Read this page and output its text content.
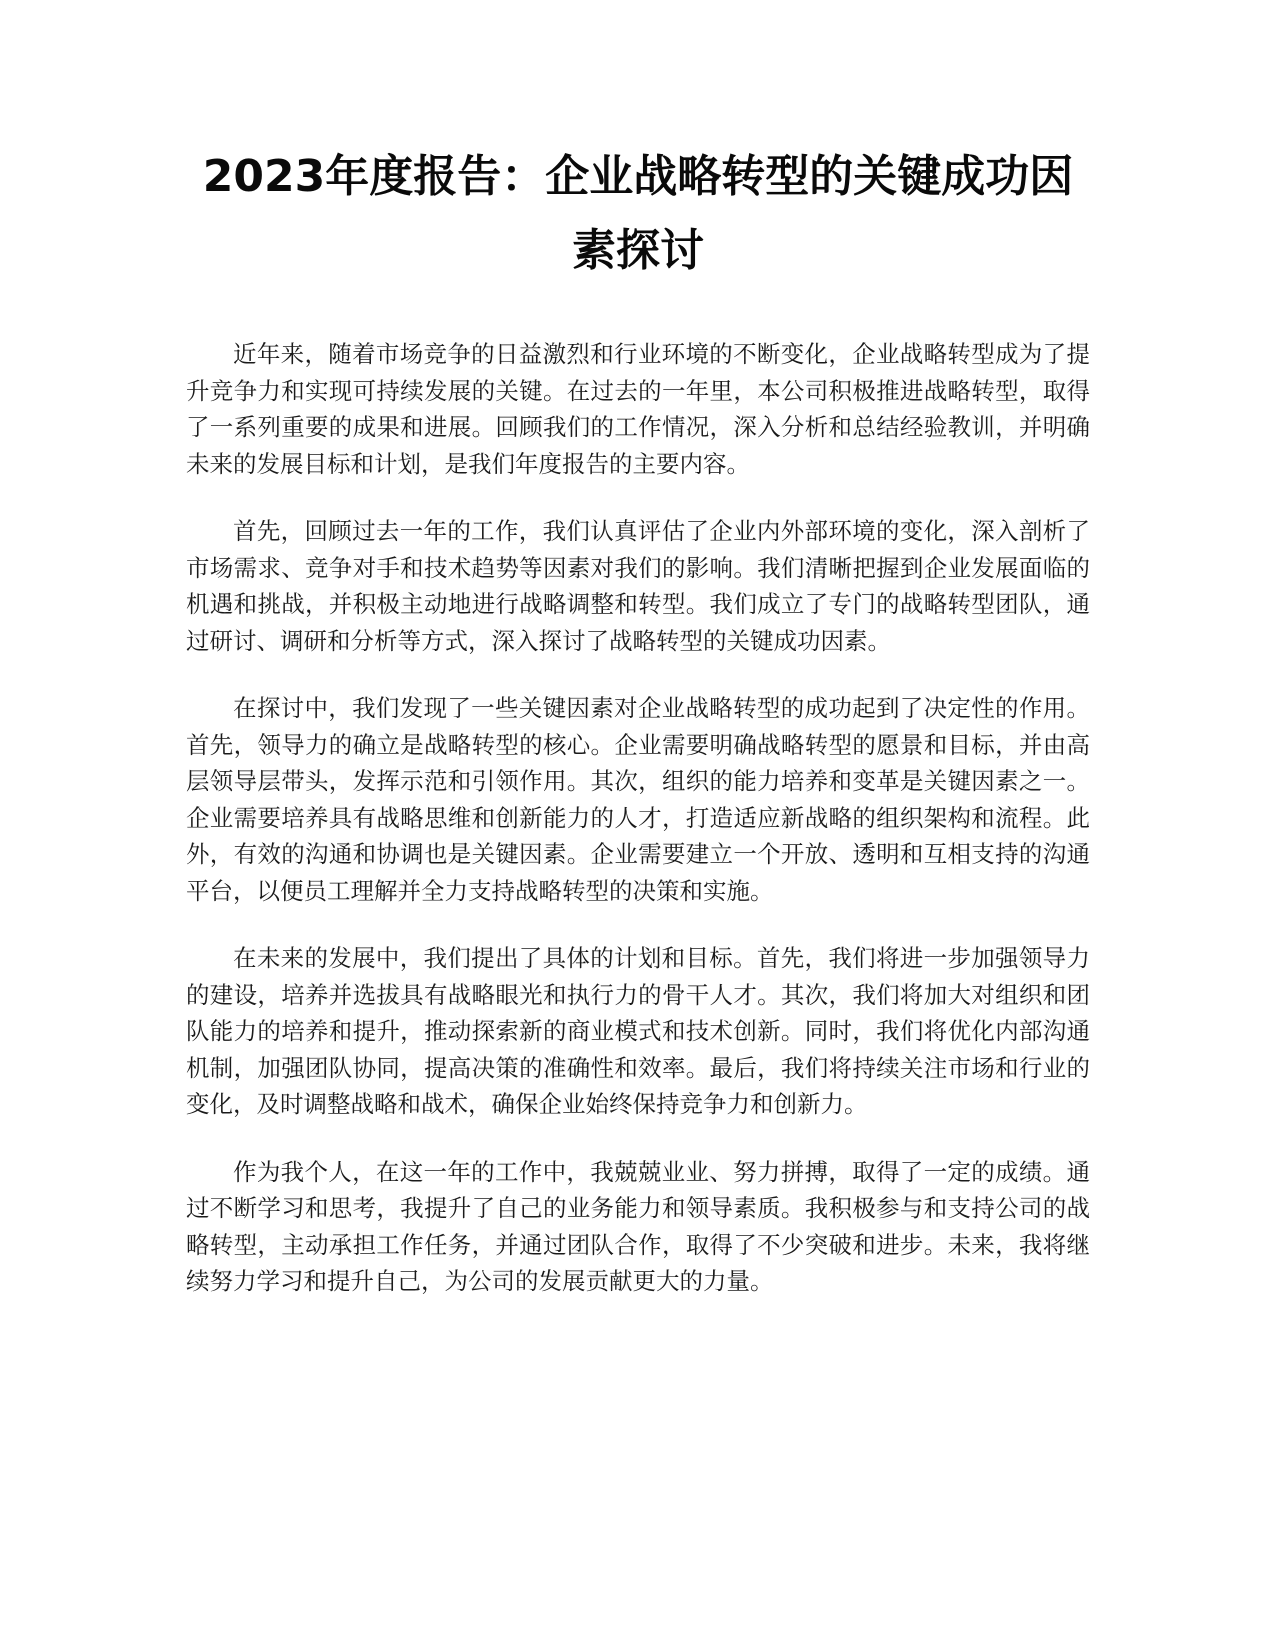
2023年度报告：企业战略转型的关键成功因素探讨

近年来，随着市场竞争的日益激烈和行业环境的不断变化，企业战略转型成为了提升竞争力和实现可持续发展的关键。在过去的一年里，本公司积极推进战略转型，取得了一系列重要的成果和进展。回顾我们的工作情况，深入分析和总结经验教训，并明确未来的发展目标和计划，是我们年度报告的主要内容。

首先，回顾过去一年的工作，我们认真评估了企业内外部环境的变化，深入剖析了市场需求、竞争对手和技术趋势等因素对我们的影响。我们清晰把握到企业发展面临的机遇和挑战，并积极主动地进行战略调整和转型。我们成立了专门的战略转型团队，通过研讨、调研和分析等方式，深入探讨了战略转型的关键成功因素。

在探讨中，我们发现了一些关键因素对企业战略转型的成功起到了决定性的作用。首先，领导力的确立是战略转型的核心。企业需要明确战略转型的愿景和目标，并由高层领导层带头，发挥示范和引领作用。其次，组织的能力培养和变革是关键因素之一。企业需要培养具有战略思维和创新能力的人才，打造适应新战略的组织架构和流程。此外，有效的沟通和协调也是关键因素。企业需要建立一个开放、透明和互相支持的沟通平台，以便员工理解并全力支持战略转型的决策和实施。

在未来的发展中，我们提出了具体的计划和目标。首先，我们将进一步加强领导力的建设，培养并选拔具有战略眼光和执行力的骨干人才。其次，我们将加大对组织和团队能力的培养和提升，推动探索新的商业模式和技术创新。同时，我们将优化内部沟通机制，加强团队协同，提高决策的准确性和效率。最后，我们将持续关注市场和行业的变化，及时调整战略和战术，确保企业始终保持竞争力和创新力。

作为我个人，在这一年的工作中，我兢兢业业、努力拼搏，取得了一定的成绩。通过不断学习和思考，我提升了自己的业务能力和领导素质。我积极参与和支持公司的战略转型，主动承担工作任务，并通过团队合作，取得了不少突破和进步。未来，我将继续努力学习和提升自己，为公司的发展贡献更大的力量。
